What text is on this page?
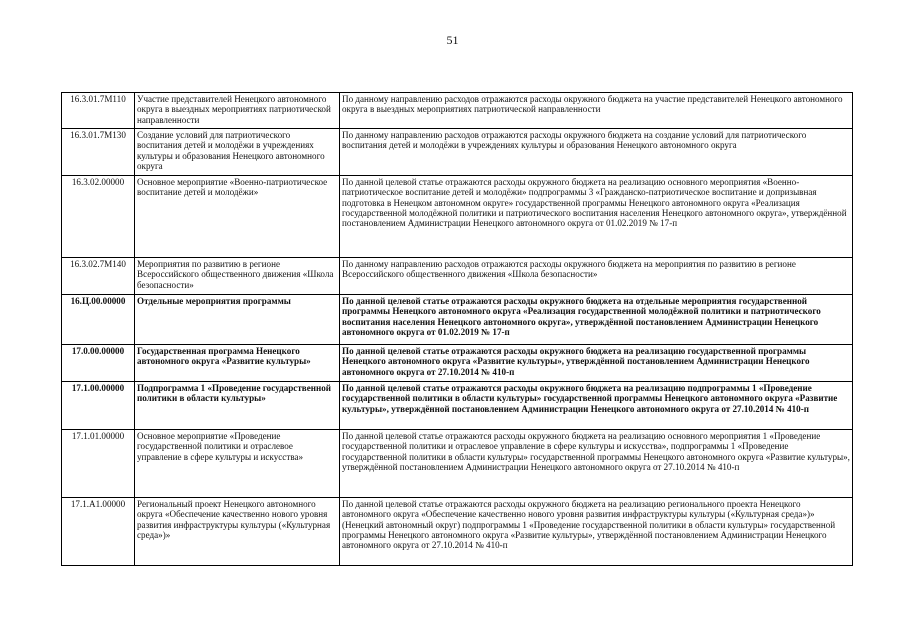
51
16.3.01.7М110	Участие представителей Ненецкого автономного округа в выездных мероприятиях патриотической направленности	По данному направлению расходов отражаются расходы окружного бюджета на участие представителей Ненецкого автономного округа в выездных мероприятиях патриотической направленности
16.3.01.7М130	Создание условий для патриотического воспитания детей и молодёжи в учреждениях культуры и образования Ненецкого автономного округа	По данному направлению расходов отражаются расходы окружного бюджета на создание условий для патриотического воспитания детей и молодёжи в учреждениях культуры и образования Ненецкого автономного округа
16.3.02.00000	Основное мероприятие «Военно-патриотическое воспитание детей и молодёжи»	По данной целевой статье отражаются расходы окружного бюджета на реализацию основного мероприятия «Военно-патриотическое воспитание детей и молодёжи» подпрограммы 3 «Гражданско-патриотическое воспитание и допризывная подготовка в Ненецком автономном округе» государственной программы Ненецкого автономного округа «Реализация государственной молодёжной политики и патриотического воспитания населения Ненецкого автономного округа», утверждённой постановлением Администрации Ненецкого автономного округа от 01.02.2019 № 17-п
16.3.02.7М140	Мероприятия по развитию в регионе Всероссийского общественного движения «Школа безопасности»	По данному направлению расходов отражаются расходы окружного бюджета на мероприятия по развитию в регионе Всероссийского общественного движения «Школа безопасности»
16.Ц.00.00000	Отдельные мероприятия программы	По данной целевой статье отражаются расходы окружного бюджета на отдельные мероприятия государственной программы Ненецкого автономного округа «Реализация государственной молодёжной политики и патриотического воспитания населения Ненецкого автономного округа», утверждённой постановлением Администрации Ненецкого автономного округа от 01.02.2019 № 17-п
17.0.00.00000	Государственная программа Ненецкого автономного округа «Развитие культуры»	По данной целевой статье отражаются расходы окружного бюджета на реализацию государственной программы Ненецкого автономного округа «Развитие культуры», утверждённой постановлением Администрации Ненецкого автономного округа от 27.10.2014 № 410-п
17.1.00.00000	Подпрограмма 1 «Проведение государственной политики в области культуры»	По данной целевой статье отражаются расходы окружного бюджета на реализацию подпрограммы 1 «Проведение государственной политики в области культуры» государственной программы Ненецкого автономного округа «Развитие культуры», утверждённой постановлением Администрации Ненецкого автономного округа от 27.10.2014 № 410-п
17.1.01.00000	Основное мероприятие «Проведение государственной политики и отраслевое управление в сфере культуры и искусства»	По данной целевой статье отражаются расходы окружного бюджета на реализацию основного мероприятия 1 «Проведение государственной политики и отраслевое управление в сфере культуры и искусства», подпрограммы 1 «Проведение государственной политики в области культуры» государственной программы Ненецкого автономного округа «Развитие культуры», утверждённой постановлением Администрации Ненецкого автономного округа от 27.10.2014 № 410-п
17.1.А1.00000	Региональный проект Ненецкого автономного округа «Обеспечение качественно нового уровня развития инфраструктуры культуры («Культурная среда»)»	По данной целевой статье отражаются расходы окружного бюджета на реализацию регионального проекта Ненецкого автономного округа «Обеспечение качественно нового уровня развития инфраструктуры культуры («Культурная среда»)» (Ненецкий автономный округ) подпрограммы 1 «Проведение государственной политики в области культуры» государственной программы Ненецкого автономного округа «Развитие культуры», утверждённой постановлением Администрации Ненецкого автономного округа от 27.10.2014 № 410-п
